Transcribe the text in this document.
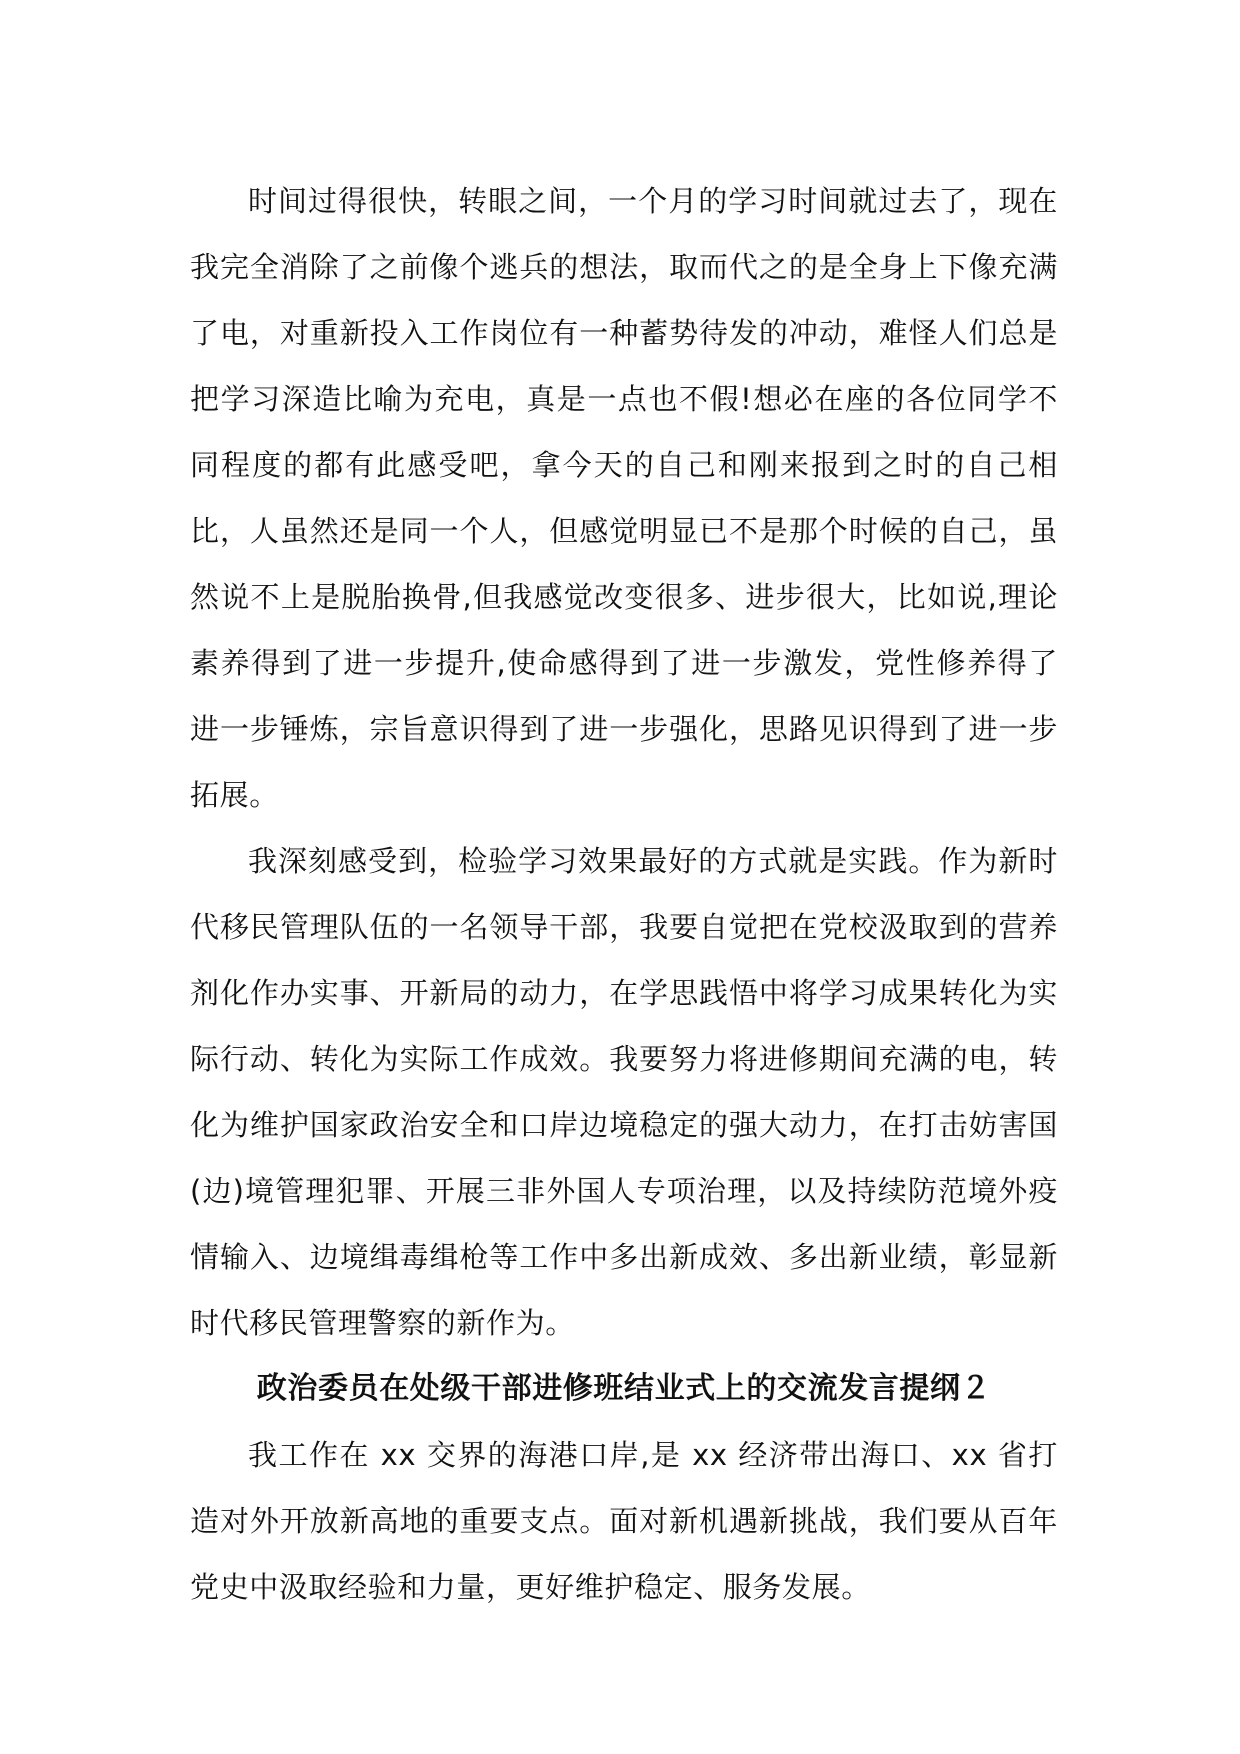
时间过得很快，转眼之间，一个月的学习时间就过去了，现在我完全消除了之前像个逃兵的想法，取而代之的是全身上下像充满了电，对重新投入工作岗位有一种蓄势待发的冲动，难怪人们总是把学习深造比喻为充电，真是一点也不假!想必在座的各位同学不同程度的都有此感受吧，拿今天的自己和刚来报到之时的自己相比，人虽然还是同一个人，但感觉明显已不是那个时候的自己，虽然说不上是脱胎换骨,但我感觉改变很多、进步很大，比如说,理论素养得到了进一步提升,使命感得到了进一步激发，党性修养得了进一步锤炼，宗旨意识得到了进一步强化，思路见识得到了进一步拓展。

我深刻感受到，检验学习效果最好的方式就是实践。作为新时代移民管理队伍的一名领导干部，我要自觉把在党校汲取到的营养剂化作办实事、开新局的动力，在学思践悟中将学习成果转化为实际行动、转化为实际工作成效。我要努力将进修期间充满的电，转化为维护国家政治安全和口岸边境稳定的强大动力，在打击妨害国(边)境管理犯罪、开展三非外国人专项治理，以及持续防范境外疫情输入、边境缉毒缉枪等工作中多出新成效、多出新业绩，彰显新时代移民管理警察的新作为。

政治委员在处级干部进修班结业式上的交流发言提纲２

我工作在 xx 交界的海港口岸,是 xx 经济带出海口、xx 省打造对外开放新高地的重要支点。面对新机遇新挑战，我们要从百年党史中汲取经验和力量，更好维护稳定、服务发展。
